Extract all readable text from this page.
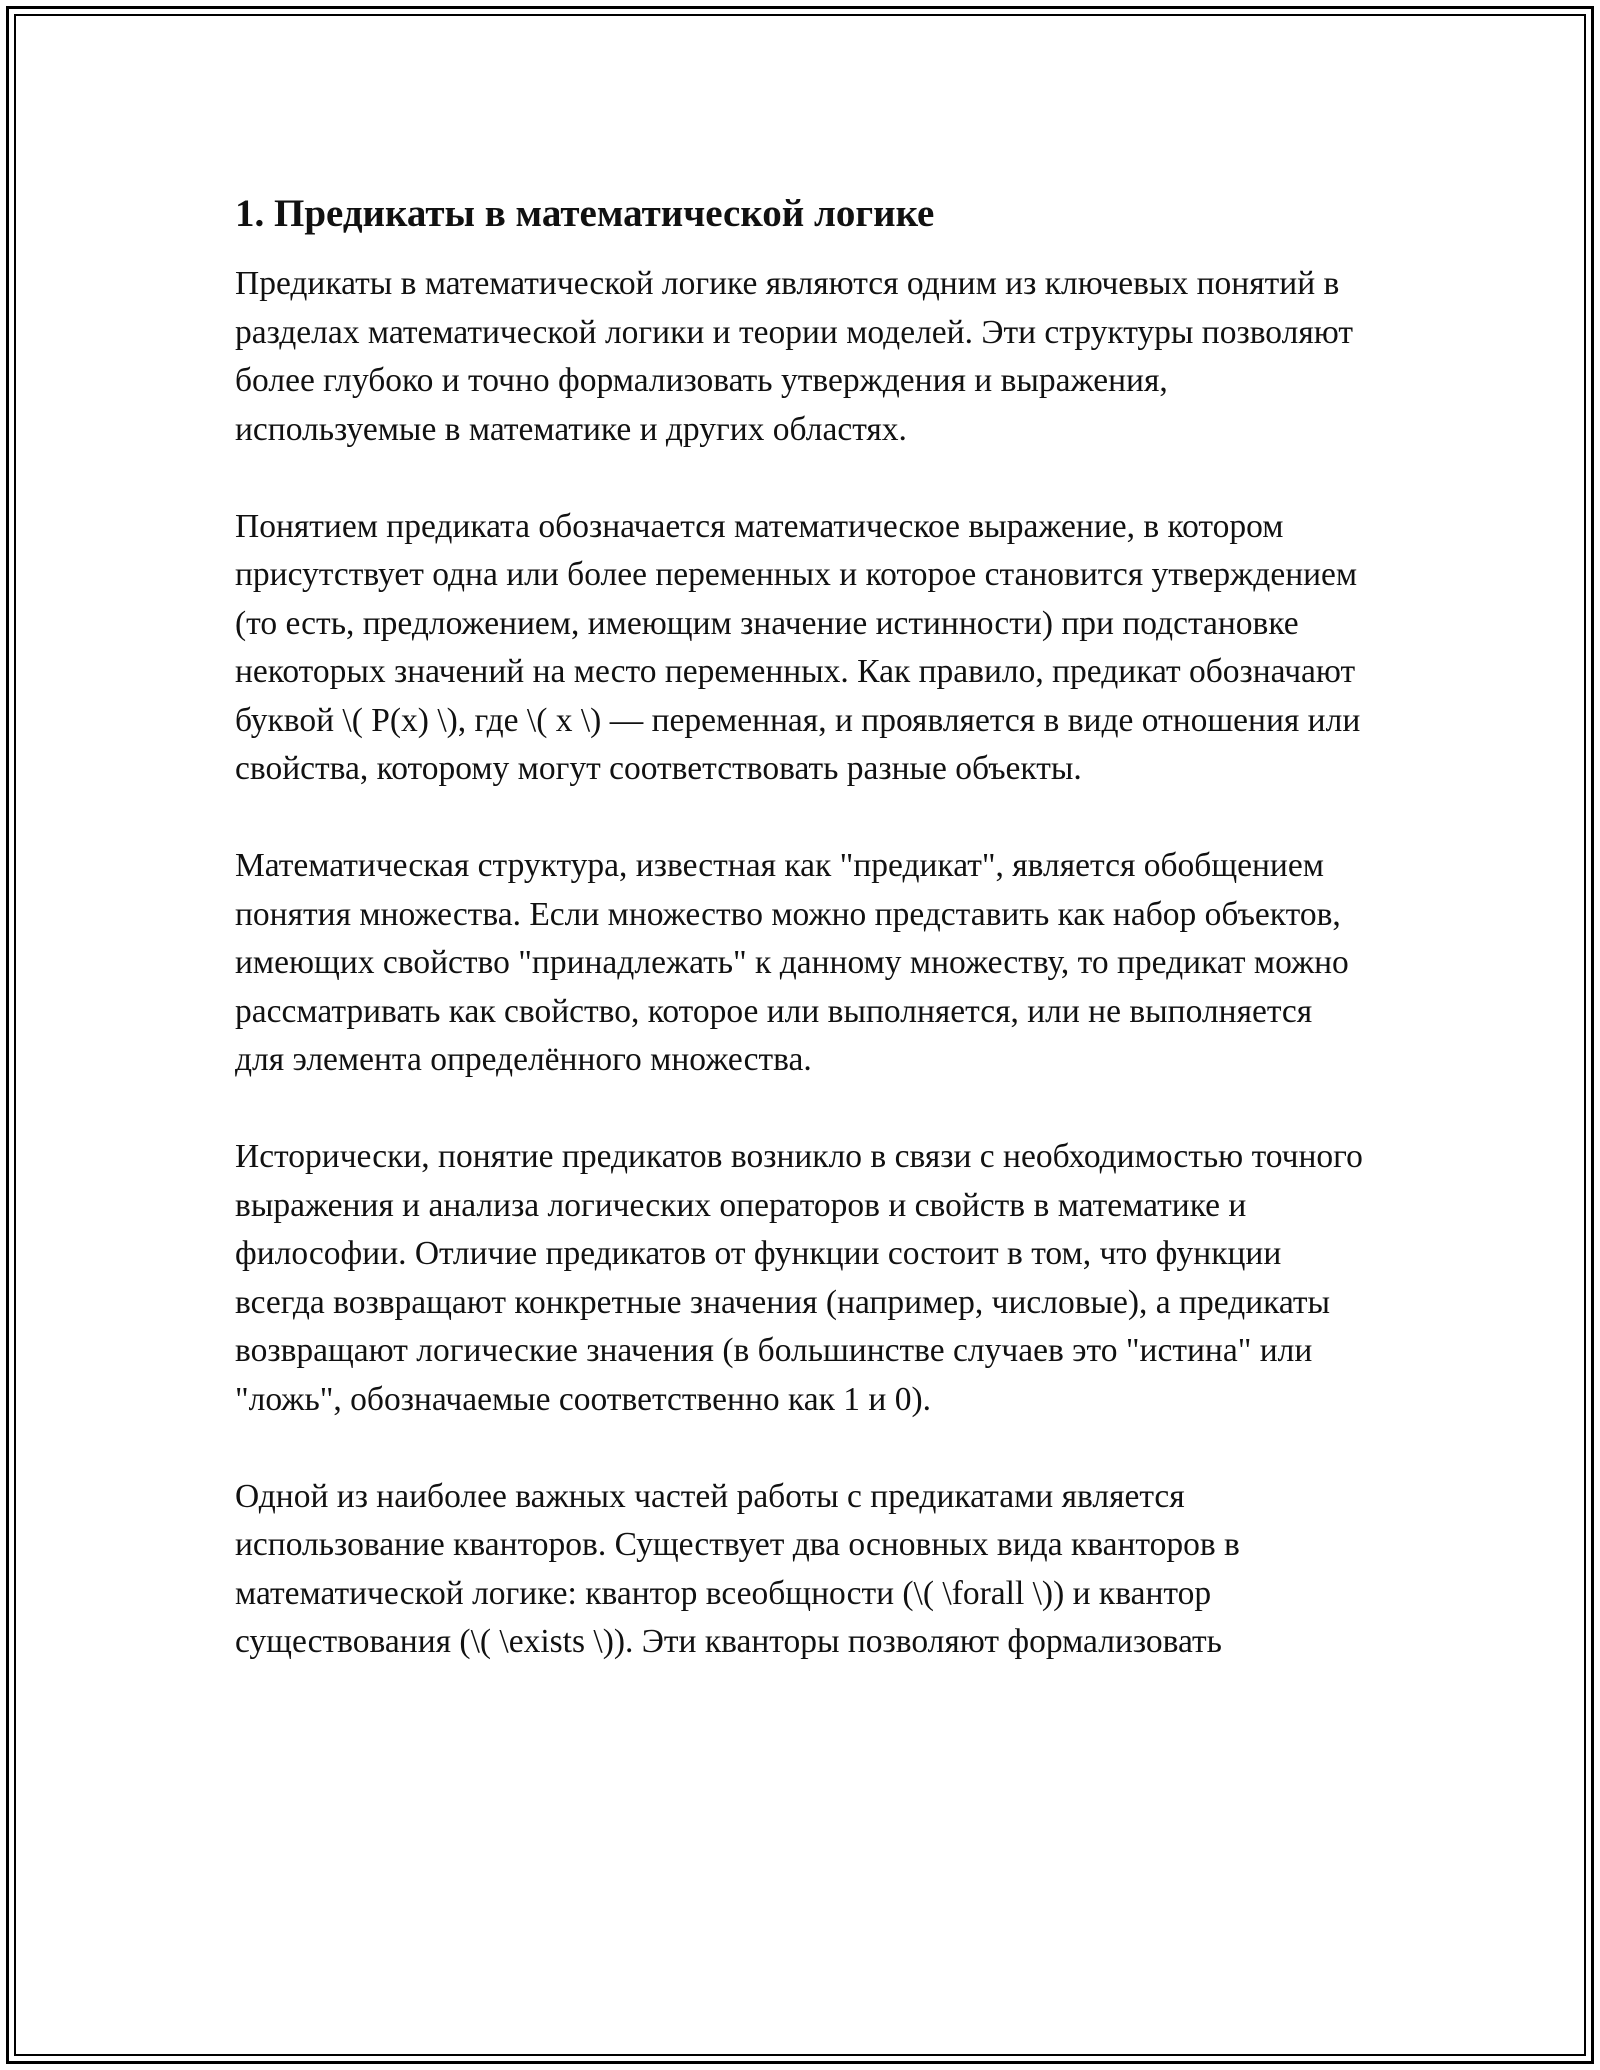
1. Предикаты в математической логике

Предикаты в математической логике являются одним из ключевых понятий в разделах математической логики и теории моделей. Эти структуры позволяют более глубоко и точно формализовать утверждения и выражения, используемые в математике и других областях.

Понятием предиката обозначается математическое выражение, в котором присутствует одна или более переменных и которое становится утверждением (то есть, предложением, имеющим значение истинности) при подстановке некоторых значений на место переменных. Как правило, предикат обозначают буквой \( P(x) \), где \( x \) — переменная, и проявляется в виде отношения или свойства, которому могут соответствовать разные объекты.

Математическая структура, известная как "предикат", является обобщением понятия множества. Если множество можно представить как набор объектов, имеющих свойство "принадлежать" к данному множеству, то предикат можно рассматривать как свойство, которое или выполняется, или не выполняется для элемента определённого множества.

Исторически, понятие предикатов возникло в связи с необходимостью точного выражения и анализа логических операторов и свойств в математике и философии. Отличие предикатов от функции состоит в том, что функции всегда возвращают конкретные значения (например, числовые), а предикаты возвращают логические значения (в большинстве случаев это "истина" или "ложь", обозначаемые соответственно как 1 и 0).

Одной из наиболее важных частей работы с предикатами является использование кванторов. Существует два основных вида кванторов в математической логике: квантор всеобщности (\( \forall \)) и квантор существования (\( \exists \)). Эти кванторы позволяют формализовать
